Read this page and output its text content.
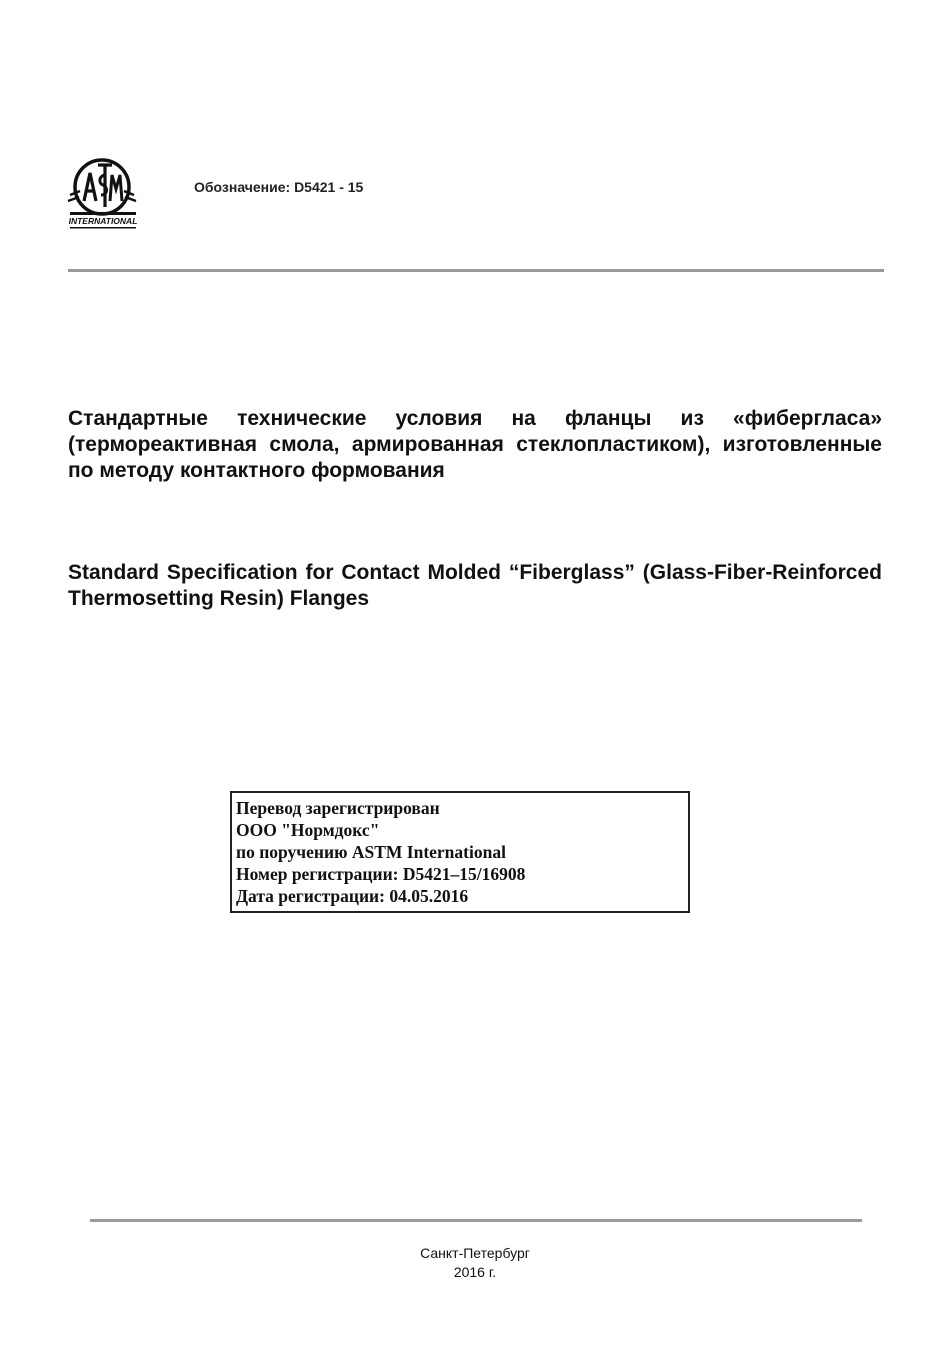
INTERNATIONAL
Обозначение: D5421 - 15
Стандартные технические условия на фланцы из «фибергласа» (термореактивная смола, армированная стеклопластиком), изготовленные по методу контактного формования
Standard Specification for Contact Molded “Fiberglass” (Glass-Fiber-Reinforced Thermosetting Resin) Flanges
Перевод зарегистрирован
ООО "Нормдокс"
по поручению ASTM International
Номер регистрации: D5421–15/16908
Дата регистрации: 04.05.2016
Санкт-Петербург
2016 г.
